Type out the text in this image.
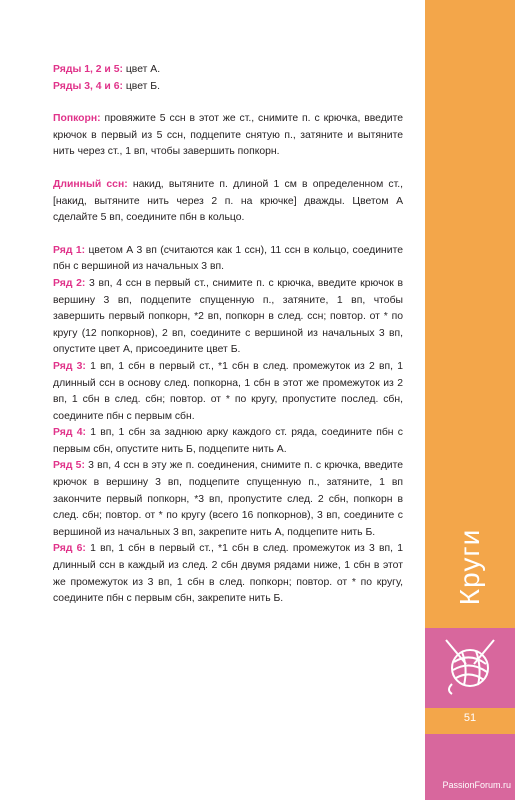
Круги
51
PassionForum.ru

Ряды 1, 2 и 5: цвет А.

Ряды 3, 4 и 6: цвет Б.

Попкорн: провяжите 5 ссн в этот же ст., снимите п. с крючка, введите крючок в первый из 5 ссн, подцепите снятую п., затяните и вытяните нить через ст., 1 вп, чтобы завершить попкорн.

Длинный ссн: накид, вытяните п. длиной 1 см в определенном ст., [накид, вытяните нить через 2 п. на крючке] дважды. Цветом А сделайте 5 вп, соедините пбн в кольцо.

Ряд 1: цветом А 3 вп (считаются как 1 ссн), 11 ссн в кольцо, соедините пбн с вершиной из начальных 3 вп.

Ряд 2: 3 вп, 4 ссн в первый ст., снимите п. с крючка, введите крючок в вершину 3 вп, подцепите спущенную п., затяните, 1 вп, чтобы завершить первый попкорн, *2 вп, попкорн в след. ссн; повтор. от * по кругу (12 попкорнов), 2 вп, соедините с вершиной из начальных 3 вп, опустите цвет А, присоедините цвет Б.

Ряд 3: 1 вп, 1 сбн в первый ст., *1 сбн в след. промежуток из 2 вп, 1 длинный ссн в основу след. попкорна, 1 сбн в этот же промежуток из 2 вп, 1 сбн в след. сбн; повтор. от * по кругу, пропустите послед. сбн, соедините пбн с первым сбн.

Ряд 4: 1 вп, 1 сбн за заднюю арку каждого ст. ряда, соедините пбн с первым сбн, опустите нить Б, подцепите нить А.

Ряд 5: 3 вп, 4 ссн в эту же п. соединения, снимите п. с крючка, введите крючок в вершину 3 вп, подцепите спущенную п., затяните, 1 вп закончите первый попкорн, *3 вп, пропустите след. 2 сбн, попкорн в след. сбн; повтор. от * по кругу (всего 16 попкорнов), 3 вп, соедините с вершиной из начальных 3 вп, закрепите нить А, подцепите нить Б.

Ряд 6: 1 вп, 1 сбн в первый ст., *1 сбн в след. промежуток из 3 вп, 1 длинный ссн в каждый из след. 2 сбн двумя рядами ниже, 1 сбн в этот же промежуток из 3 вп, 1 сбн в след. попкорн; повтор. от * по кругу, соедините пбн с первым сбн, закрепите нить Б.
